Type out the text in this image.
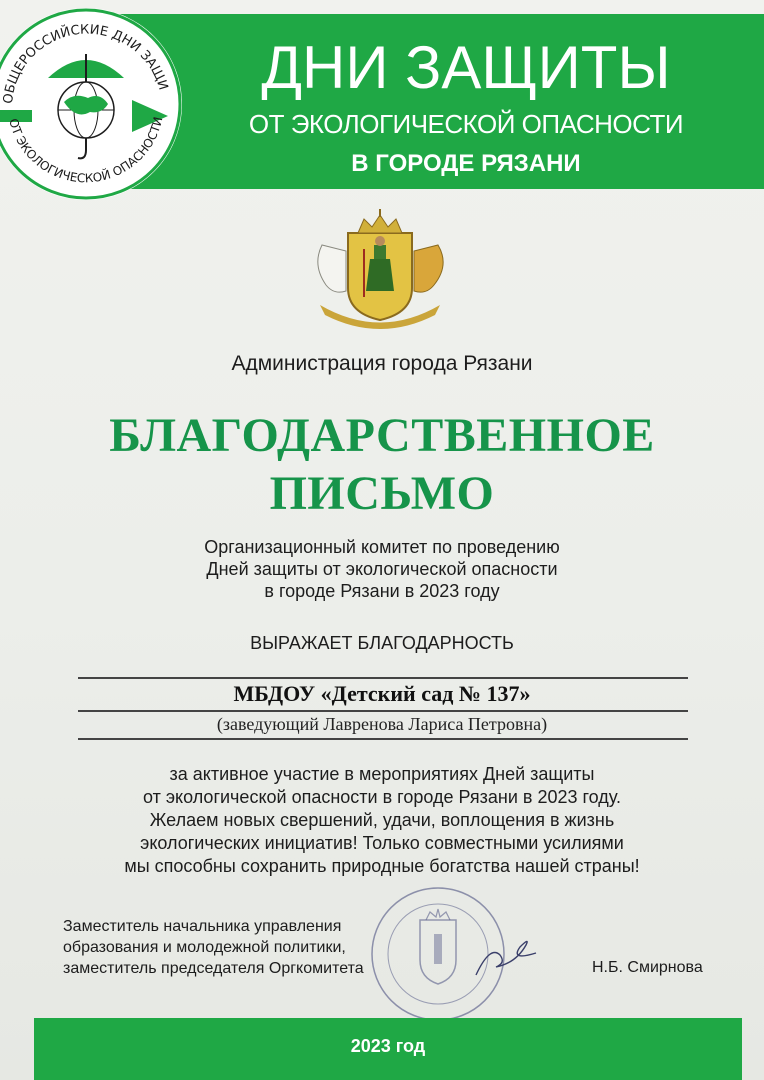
ДНИ ЗАЩИТЫ
ОТ ЭКОЛОГИЧЕСКОЙ ОПАСНОСТИ
В ГОРОДЕ РЯЗАНИ
ОБЩЕРОССИЙСКИЕ ДНИ ЗАЩИ
ОТ ЭКОЛОГИЧЕСКОЙ ОПАСНОСТИ
Администрация города Рязани
БЛАГОДАРСТВЕННОЕ
ПИСЬМО
Организационный комитет по проведению
Дней защиты от экологической опасности
в городе Рязани в 2023 году
ВЫРАЖАЕТ БЛАГОДАРНОСТЬ
МБДОУ «Детский сад № 137»
(заведующий Лавренова Лариса Петровна)
за активное участие в мероприятиях Дней защиты
от экологической опасности в городе Рязани в 2023 году.
Желаем новых свершений, удачи, воплощения в жизнь
экологических инициатив! Только совместными усилиями
мы способны сохранить природные богатства нашей страны!
Заместитель начальника управления
образования и молодежной политики,
заместитель председателя Оргкомитета	Н.Б. Смирнова
2023 год
